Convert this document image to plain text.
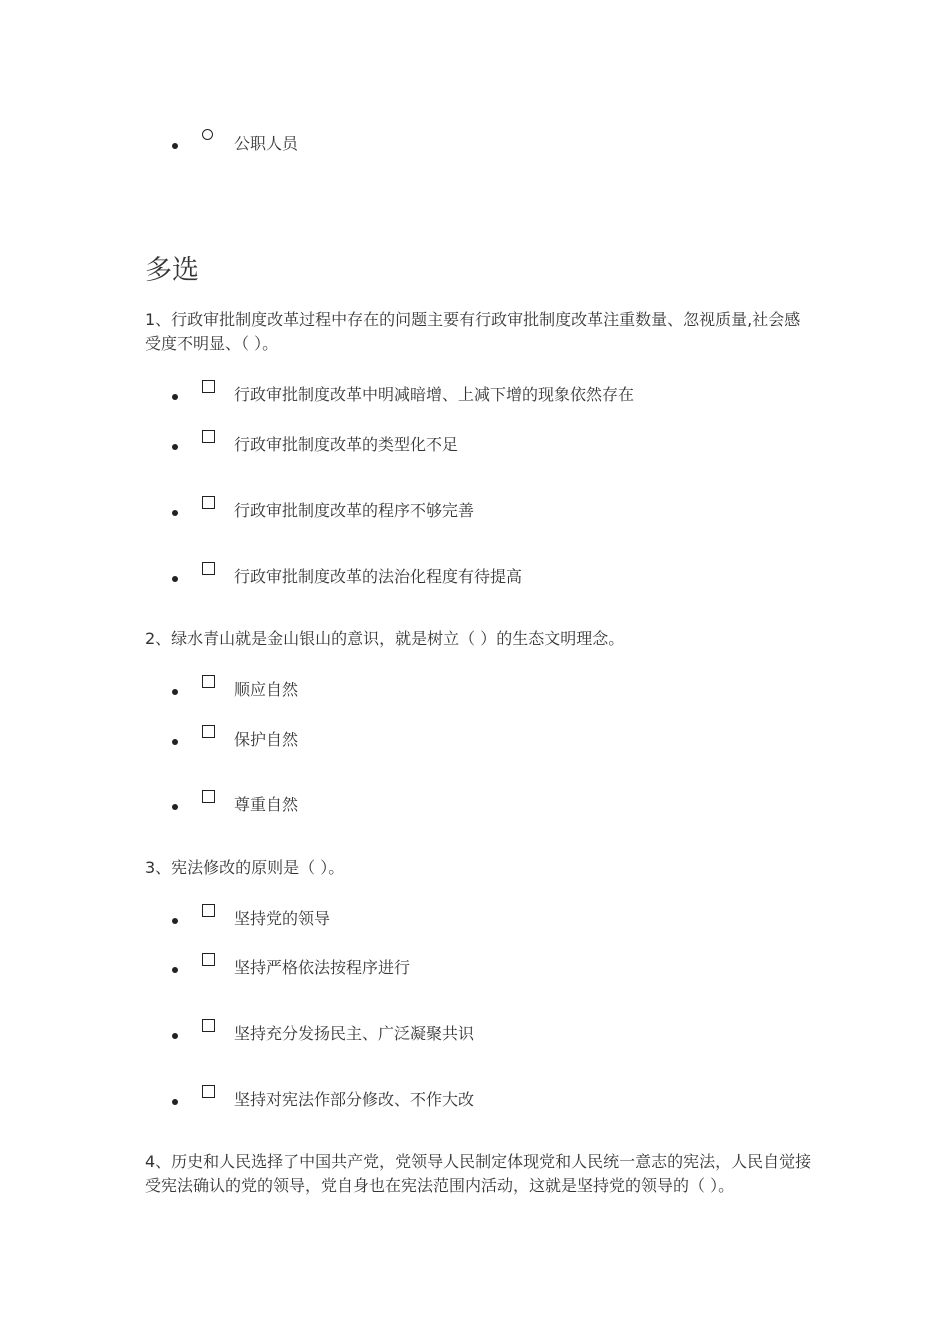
公职人员
多选

1、行政审批制度改革过程中存在的问题主要有行政审批制度改革注重数量、忽视质量,社会感受度不明显、（ ）。

行政审批制度改革中明减暗增、上减下增的现象依然存在
行政审批制度改革的类型化不足
行政审批制度改革的程序不够完善
行政审批制度改革的法治化程度有待提高

2、绿水青山就是金山银山的意识，就是树立（ ）的生态文明理念。

顺应自然
保护自然
尊重自然

3、宪法修改的原则是（ ）。

坚持党的领导
坚持严格依法按程序进行
坚持充分发扬民主、广泛凝聚共识
坚持对宪法作部分修改、不作大改

4、历史和人民选择了中国共产党，党领导人民制定体现党和人民统一意志的宪法，人民自觉接受宪法确认的党的领导，党自身也在宪法范围内活动，这就是坚持党的领导的（ ）。
